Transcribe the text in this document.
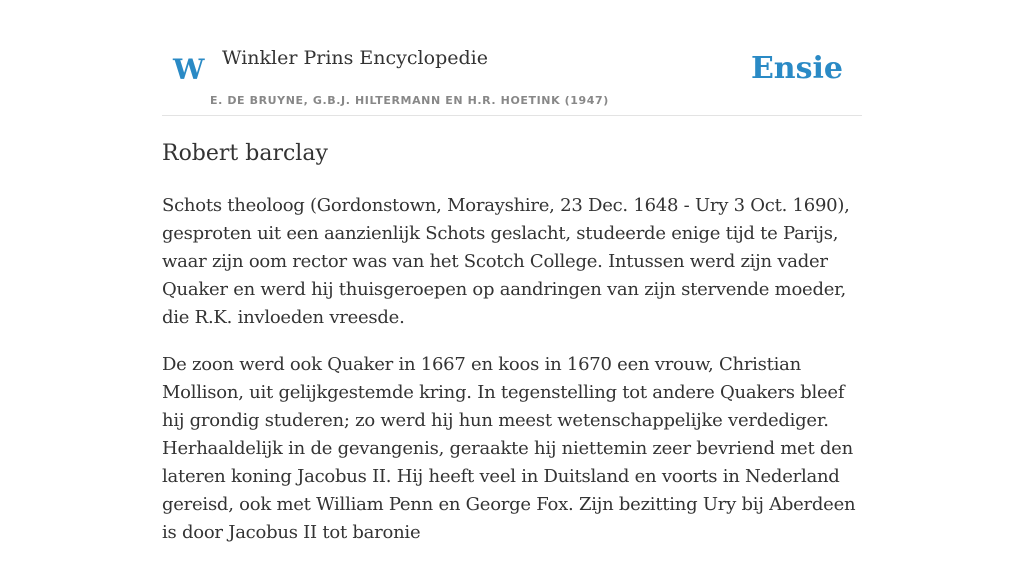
W Winkler Prins Encyclopedie
E. DE BRUYNE, G.B.J. HILTERMANN EN H.R. HOETINK (1947)
Ensie
Robert barclay

Schots theoloog (Gordonstown, Morayshire, 23 Dec. 1648 - Ury 3 Oct. 1690), gesproten uit een aanzienlijk Schots geslacht, studeerde enige tijd te Parijs, waar zijn oom rector was van het Scotch College. Intussen werd zijn vader Quaker en werd hij thuisgeroepen op aandringen van zijn stervende moeder, die R.K. invloeden vreesde.

De zoon werd ook Quaker in 1667 en koos in 1670 een vrouw, Christian Mollison, uit gelijkgestemde kring. In tegenstelling tot andere Quakers bleef hij grondig studeren; zo werd hij hun meest wetenschappelijke verdediger. Herhaaldelijk in de gevangenis, geraakte hij niettemin zeer bevriend met den lateren koning Jacobus II. Hij heeft veel in Duitsland en voorts in Nederland gereisd, ook met William Penn en George Fox. Zijn bezitting Ury bij Aberdeen is door Jacobus II tot baronie
